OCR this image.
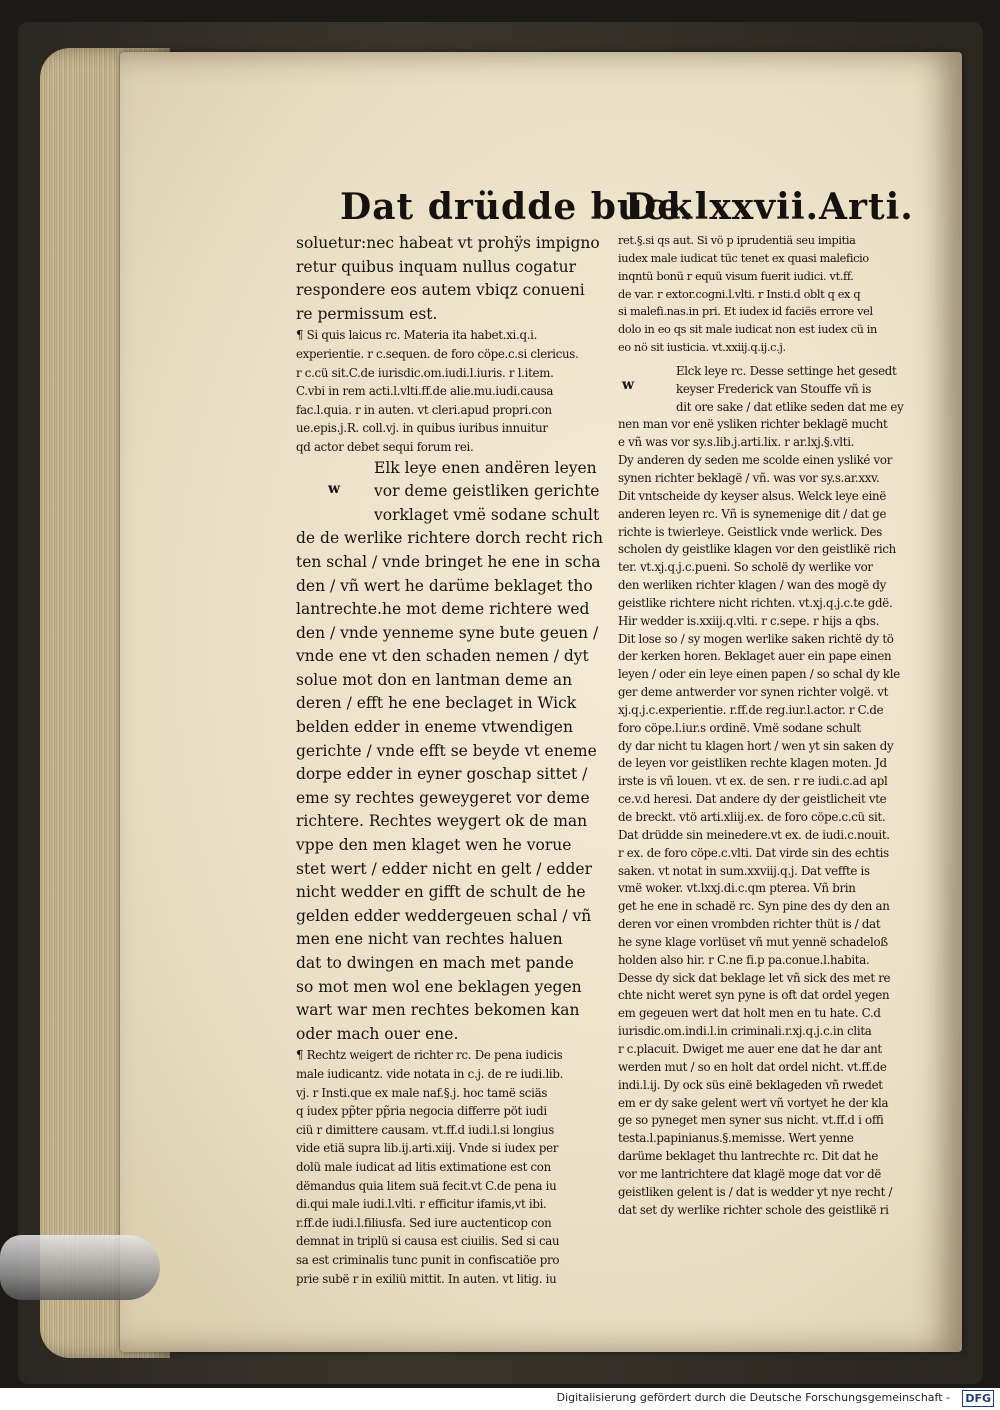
Dat drüdde buck
De.lxxvii.Arti.
soluetur:nec habeat vt prohÿs impigno
retur quibus inquam nullus cogatur
respondere eos autem vbiqz conueni
re permissum est.
¶ Si quis laicus rc. Materia ita habet.xi.q.i.
experientie. r c.sequen. de foro cöpe.c.si clericus.
r c.cü sit.C.de iurisdic.om.iudi.l.iuris. r l.item.
C.vbi in rem acti.l.vlti.ff.de alie.mu.iudi.causa
fac.l.quia. r in auten. vt cleri.apud propri.con
ue.epis.j.R. coll.vj. in quibus iuribus innuitur
qd actor debet sequi forum rei.
w
Elk leye enen andëren leyen
vor deme geistliken gerichte
vorklaget vmë sodane schult
de de werlike richtere dorch recht rich
ten schal / vnde bringet he ene in scha
den / vñ wert he darüme beklaget tho
lantrechte.he mot deme richtere wed
den / vnde yenneme syne bute geuen /
vnde ene vt den schaden nemen / dyt
solue mot don en lantman deme an
deren / efft he ene beclaget in Wick
belden edder in eneme vtwendigen
gerichte / vnde efft se beyde vt eneme
dorpe edder in eyner goschap sittet /
eme sy rechtes geweygeret vor deme
richtere. Rechtes weygert ok de man
vppe den men klaget wen he vorue
stet wert / edder nicht en gelt / edder
nicht wedder en gifft de schult de he
gelden edder weddergeuen schal / vñ
men ene nicht van rechtes haluen
dat to dwingen en mach met pande
so mot men wol ene beklagen yegen
wart war men rechtes bekomen kan
oder mach ouer ene.
¶ Rechtz weigert de richter rc. De pena iudicis
male iudicantz. vide notata in c.j. de re iudi.lib.
vj. r Insti.que ex male naf.§.j. hoc tamë sciäs
q iudex pp̃ter pp̃ria negocia differre pöt iudi
ciü r dimittere causam. vt.ff.d iudi.l.si longius
vide etiä supra lib.ij.arti.xiij. Vnde si iudex per
dolü male iudicat ad litis extimatione est con
dëmandus quia litem suä fecit.vt C.de pena iu
di.qui male iudi.l.vlti. r efficitur ifamis,vt ibi.
r.ff.de iudi.l.filiusfa. Sed iure auctenticop con
demnat in triplü si causa est ciuilis. Sed si cau
sa est criminalis tunc punit in confiscatiöe pro
prie subë r in exiliü mittit. In auten. vt litig. iu
ret.§.si qs aut. Si vö p iprudentiä seu impitia
iudex male iudicat tüc tenet ex quasi maleficio
inqntü bonü r equü visum fuerit iudici. vt.ff.
de var. r extor.cogni.l.vlti. r Insti.d oblt q ex q
si malefi.nas.in pri. Et iudex id faciës errore vel
dolo in eo qs sit male iudicat non est iudex cü in
eo nö sit iusticia. vt.xxiij.q.ij.c.j.
w
Elck leye rc. Desse settinge het gesedt
keyser Frederick van Stouffe vñ is
dit ore sake / dat etlike seden dat me ey
nen man vor enë ysliken richter beklagë mucht
e vñ was vor sy.s.lib.j.arti.lix. r ar.lxj.§.vlti.
Dy anderen dy seden me scolde einen ysliké vor
synen richter beklagë / vñ. was vor sy.s.ar.xxv.
Dit vntscheide dy keyser alsus. Welck leye einë
anderen leyen rc. Vñ is synemenige dit / dat ge
richte is twierleye. Geistlick vnde werlick. Des
scholen dy geistlike klagen vor den geistlikë rich
ter. vt.xj.q.j.c.pueni. So scholë dy werlike vor
den werliken richter klagen / wan des mogë dy
geistlike richtere nicht richten. vt.xj.q.j.c.te gdë.
Hir wedder is.xxiij.q.vlti. r c.sepe. r hijs a qbs.
Dit lose so / sy mogen werlike saken richtë dy tö
der kerken horen. Beklaget auer ein pape einen
leyen / oder ein leye einen papen / so schal dy kle
ger deme antwerder vor synen richter volgë. vt
xj.q.j.c.experientie. r.ff.de reg.iur.l.actor. r C.de
foro cöpe.l.iur.s ordinë. Vmë sodane schult
dy dar nicht tu klagen hort / wen yt sin saken dy
de leyen vor geistliken rechte klagen moten. Jd
irste is vñ louen. vt ex. de sen. r re iudi.c.ad apl
ce.v.d heresi. Dat andere dy der geistlicheit vte
de breckt. vtö arti.xliij.ex. de foro cöpe.c.cü sit.
Dat drüdde sin meinedere.vt ex. de iudi.c.nouit.
r ex. de foro cöpe.c.vlti. Dat virde sin des echtis
saken. vt notat in sum.xxviij.q.j. Dat veffte is
vmë woker. vt.lxxj.di.c.qm pterea. Vñ brin
get he ene in schadë rc. Syn pine des dy den an
deren vor einen vrombden richter thüt is / dat
he syne klage vorlüset vñ mut yennë schadeloß
holden also hir. r C.ne fi.p pa.conue.l.habita.
Desse dy sick dat beklage let vñ sick des met re
chte nicht weret syn pyne is oft dat ordel yegen
em gegeuen wert dat holt men en tu hate. C.d
iurisdic.om.indi.l.in criminali.r.xj.q.j.c.in clita
r c.placuit. Dwiget me auer ene dat he dar ant
werden mut / so en holt dat ordel nicht. vt.ff.de
indi.l.ij. Dy ock süs einë beklageden vñ rwedet
em er dy sake gelent wert vñ vortyet he der kla
ge so pyneget men syner sus nicht. vt.ff.d i offi
testa.l.papinianus.§.memisse. Wert yenne
darüme beklaget thu lantrechte rc. Dit dat he
vor me lantrichtere dat klagë moge dat vor dë
geistliken gelent is / dat is wedder yt nye recht /
dat set dy werlike richter schole des geistlikë ri
Digitalisierung gefördert durch die Deutsche Forschungsgemeinschaft - DFG
